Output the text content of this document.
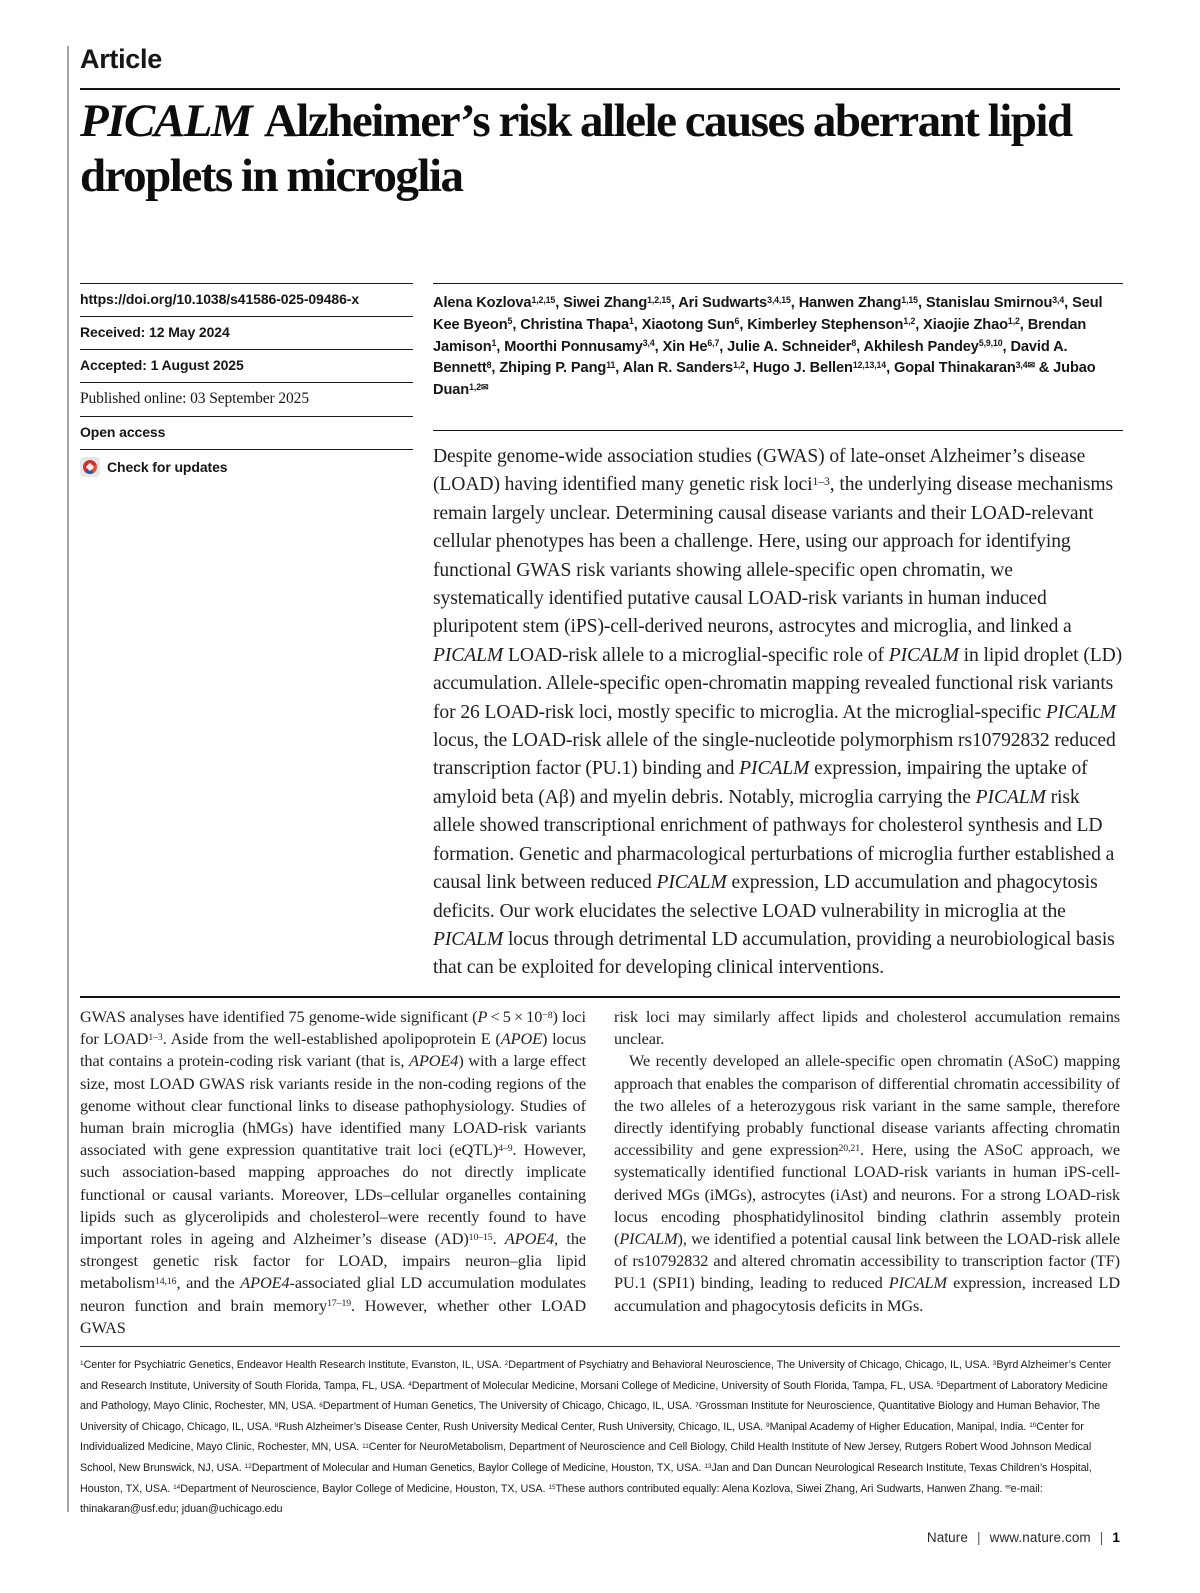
Article
PICALM Alzheimer’s risk allele causes aberrant lipid droplets in microglia
https://doi.org/10.1038/s41586-025-09486-x
Received: 12 May 2024
Accepted: 1 August 2025
Published online: 03 September 2025
Open access
Check for updates
Alena Kozlova$^{1,2,15}$, Siwei Zhang$^{1,2,15}$, Ari Sudwarts$^{3,4,15}$, Hanwen Zhang$^{1,15}$, Stanislau Smirnou$^{3,4}$, Seul Kee Byeon$^5$, Christina Thapa$^1$, Xiaotong Sun$^6$, Kimberley Stephenson$^{1,2}$, Xiaojie Zhao$^{1,2}$, Brendan Jamison$^1$, Moorthi Ponnusamy$^{3,4}$, Xin He$^{6,7}$, Julie A. Schneider$^8$, Akhilesh Pandey$^{5,9,10}$, David A. Bennett$^8$, Zhiping P. Pang$^{11}$, Alan R. Sanders$^{1,2}$, Hugo J. Bellen$^{12,13,14}$, Gopal Thinakaran$^{3,4✉}$ & Jubao Duan$^{1,2✉}$
Despite genome-wide association studies (GWAS) of late-onset Alzheimer’s disease (LOAD) having identified many genetic risk loci$^{1-3}$, the underlying disease mechanisms remain largely unclear. Determining causal disease variants and their LOAD-relevant cellular phenotypes has been a challenge. Here, using our approach for identifying functional GWAS risk variants showing allele-specific open chromatin, we systematically identified putative causal LOAD-risk variants in human induced pluripotent stem (iPS)-cell-derived neurons, astrocytes and microglia, and linked a PICALM LOAD-risk allele to a microglial-specific role of PICALM in lipid droplet (LD) accumulation. Allele-specific open-chromatin mapping revealed functional risk variants for 26 LOAD-risk loci, mostly specific to microglia. At the microglial-specific PICALM locus, the LOAD-risk allele of the single-nucleotide polymorphism rs10792832 reduced transcription factor (PU.1) binding and PICALM expression, impairing the uptake of amyloid beta (Aβ) and myelin debris. Notably, microglia carrying the PICALM risk allele showed transcriptional enrichment of pathways for cholesterol synthesis and LD formation. Genetic and pharmacological perturbations of microglia further established a causal link between reduced PICALM expression, LD accumulation and phagocytosis deficits. Our work elucidates the selective LOAD vulnerability in microglia at the PICALM locus through detrimental LD accumulation, providing a neurobiological basis that can be exploited for developing clinical interventions.

GWAS analyses have identified 75 genome-wide significant $(P < 5 \times 10^{-8})$ loci for LOAD$^{1-3}$. Aside from the well-established apolipoprotein E (APOE) locus that contains a protein-coding risk variant (that is, APOE4) with a large effect size, most LOAD GWAS risk variants reside in the non-coding regions of the genome without clear functional links to disease pathophysiology. Studies of human brain microglia (hMGs) have identified many LOAD-risk variants associated with gene expression quantitative trait loci (eQTL)$^{4-9}$. However, such association-based mapping approaches do not directly implicate functional or causal variants. Moreover, LDs–cellular organelles containing lipids such as glycerolipids and cholesterol–were recently found to have important roles in ageing and Alzheimer’s disease (AD)$^{10-15}$. APOE4, the strongest genetic risk factor for LOAD, impairs neuron–glia lipid metabolism$^{14,16}$, and the APOE4-associated glial LD accumulation modulates neuron function and brain memory$^{17-19}$. However, whether other LOAD GWAS

risk loci may similarly affect lipids and cholesterol accumulation remains unclear.

We recently developed an allele-specific open chromatin (ASoC) mapping approach that enables the comparison of differential chromatin accessibility of the two alleles of a heterozygous risk variant in the same sample, therefore directly identifying probably functional disease variants affecting chromatin accessibility and gene expression$^{20,21}$. Here, using the ASoC approach, we systematically identified functional LOAD-risk variants in human iPS-cell-derived MGs (iMGs), astrocytes (iAst) and neurons. For a strong LOAD-risk locus encoding phosphatidylinositol binding clathrin assembly protein (PICALM), we identified a potential causal link between the LOAD-risk allele of rs10792832 and altered chromatin accessibility to transcription factor (TF) PU.1 (SPI1) binding, leading to reduced PICALM expression, increased LD accumulation and phagocytosis deficits in MGs.

$^1$Center for Psychiatric Genetics, Endeavor Health Research Institute, Evanston, IL, USA. $^2$Department of Psychiatry and Behavioral Neuroscience, The University of Chicago, Chicago, IL, USA. $^3$Byrd Alzheimer’s Center and Research Institute, University of South Florida, Tampa, FL, USA. $^4$Department of Molecular Medicine, Morsani College of Medicine, University of South Florida, Tampa, FL, USA. $^5$Department of Laboratory Medicine and Pathology, Mayo Clinic, Rochester, MN, USA. $^6$Department of Human Genetics, The University of Chicago, Chicago, IL, USA. $^7$Grossman Institute for Neuroscience, Quantitative Biology and Human Behavior, The University of Chicago, Chicago, IL, USA. $^8$Rush Alzheimer’s Disease Center, Rush University Medical Center, Rush University, Chicago, IL, USA. $^9$Manipal Academy of Higher Education, Manipal, India. $^{10}$Center for Individualized Medicine, Mayo Clinic, Rochester, MN, USA. $^{11}$Center for NeuroMetabolism, Department of Neuroscience and Cell Biology, Child Health Institute of New Jersey, Rutgers Robert Wood Johnson Medical School, New Brunswick, NJ, USA. $^{12}$Department of Molecular and Human Genetics, Baylor College of Medicine, Houston, TX, USA. $^{13}$Jan and Dan Duncan Neurological Research Institute, Texas Children’s Hospital, Houston, TX, USA. $^{14}$Department of Neuroscience, Baylor College of Medicine, Houston, TX, USA. $^{15}$These authors contributed equally: Alena Kozlova, Siwei Zhang, Ari Sudwarts, Hanwen Zhang. ✉e-mail: thinakaran@usf.edu; jduan@uchicago.edu
Nature | www.nature.com | 1
